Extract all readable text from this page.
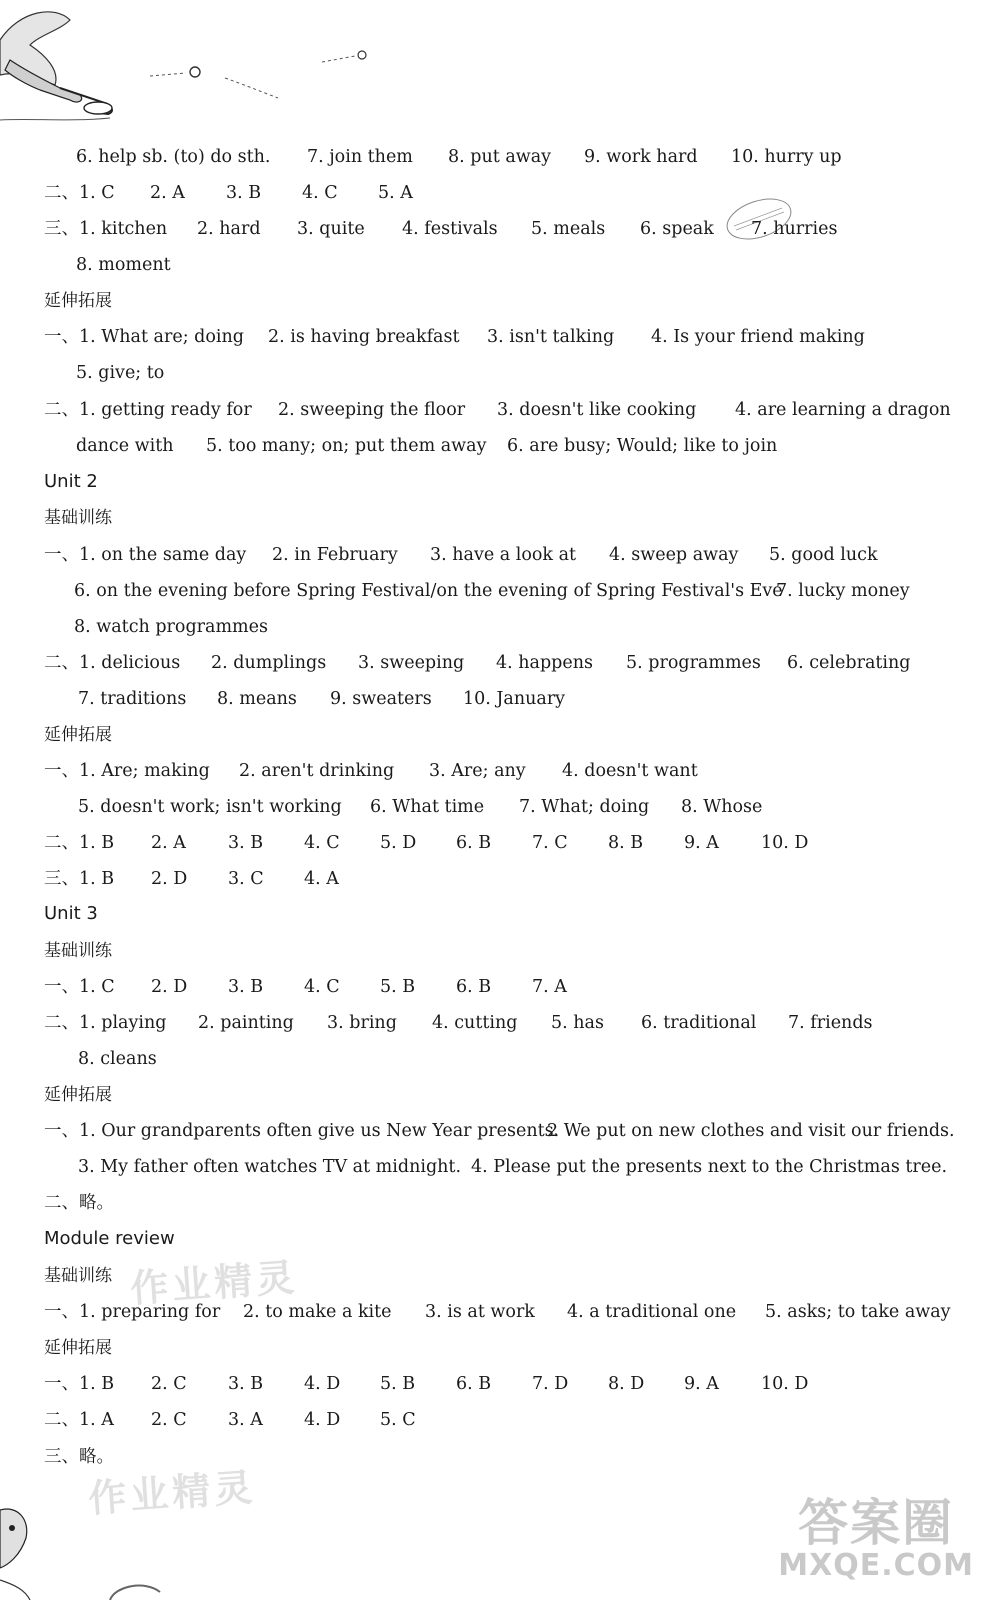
6. help sb. (to) do sth. 7. join them 8. put away 9. work hard 10. hurry up
二、1. C 2. A 3. B 4. C 5. A
三、1. kitchen 2. hard 3. quite 4. festivals 5. meals 6. speak 7. hurries
8. moment
一、1. What are; doing 2. is having breakfast 3. isn't talking 4. Is your friend making
5. give; to
二、1. getting ready for 2. sweeping the floor 3. doesn't like cooking 4. are learning a dragon
dance with 5. too many; on; put them away 6. are busy; Would; like to join
一、1. on the same day 2. in February 3. have a look at 4. sweep away 5. good luck
6. on the evening before Spring Festival/on the evening of Spring Festival's Eve
7. lucky money
8. watch programmes
二、1. delicious 2. dumplings 3. sweeping 4. happens 5. programmes 6. celebrating
7. traditions 8. means 9. sweaters 10. January
一、1. Are; making 2. aren't drinking 3. Are; any 4. doesn't want
5. doesn't work; isn't working 6. What time 7. What; doing 8. Whose
二、1. B 2. A 3. B 4. C 5. D 6. B 7. C 8. B 9. A 10. D
三、1. B 2. D 3. C 4. A
一、1. C 2. D 3. B 4. C 5. B 6. B 7. A
二、1. playing 2. painting 3. bring 4. cutting 5. has 6. traditional 7. friends
8. cleans
一、1. Our grandparents often give us New Year presents.
2 We put on new clothes and visit our friends.
3. My father often watches TV at midnight. 4. Please put the presents next to the Christmas tree.
二、略。
一、1. preparing for 2. to make a kite 3. is at work 4. a traditional one 5. asks; to take away
一、1. B 2. C 3. B 4. D 5. B 6. B 7. D 8. D 9. A 10. D
二、1. A 2. C 3. A 4. D 5. C
三、略。
延伸拓展
Unit 2
基础训练
延伸拓展
Unit 3
基础训练
延伸拓展
Module review
基础训练
延伸拓展
作业精灵
作业精灵
答案圈
MXQE.COM
